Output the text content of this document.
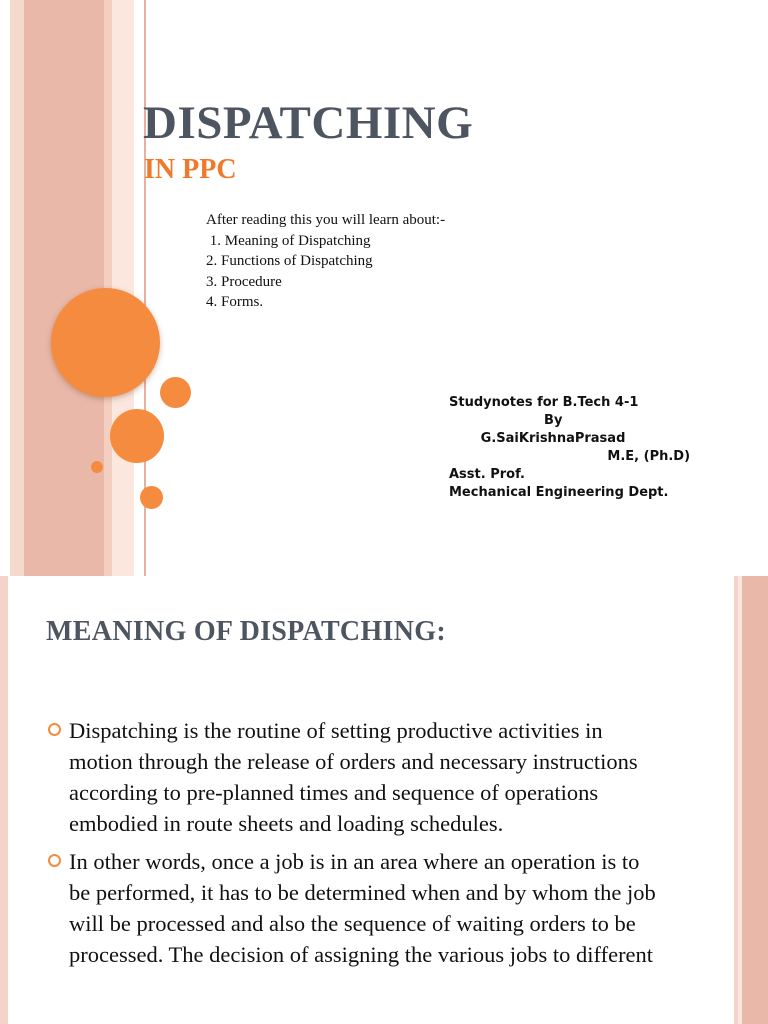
DISPATCHING
IN PPC
After reading this you will learn about:-
1. Meaning of Dispatching
2. Functions of Dispatching
3. Procedure
4. Forms.
Studynotes for B.Tech 4-1
By
G.SaiKrishnaPrasad
M.E, (Ph.D)
Asst. Prof.
Mechanical Engineering Dept.
MEANING OF DISPATCHING:
Dispatching is the routine of setting productive activities in motion through the release of orders and necessary instructions according to pre-planned times and sequence of operations embodied in route sheets and loading schedules.
In other words, once a job is in an area where an operation is to be performed, it has to be determined when and by whom the job will be processed and also the sequence of waiting orders to be processed. The decision of assigning the various jobs to different
